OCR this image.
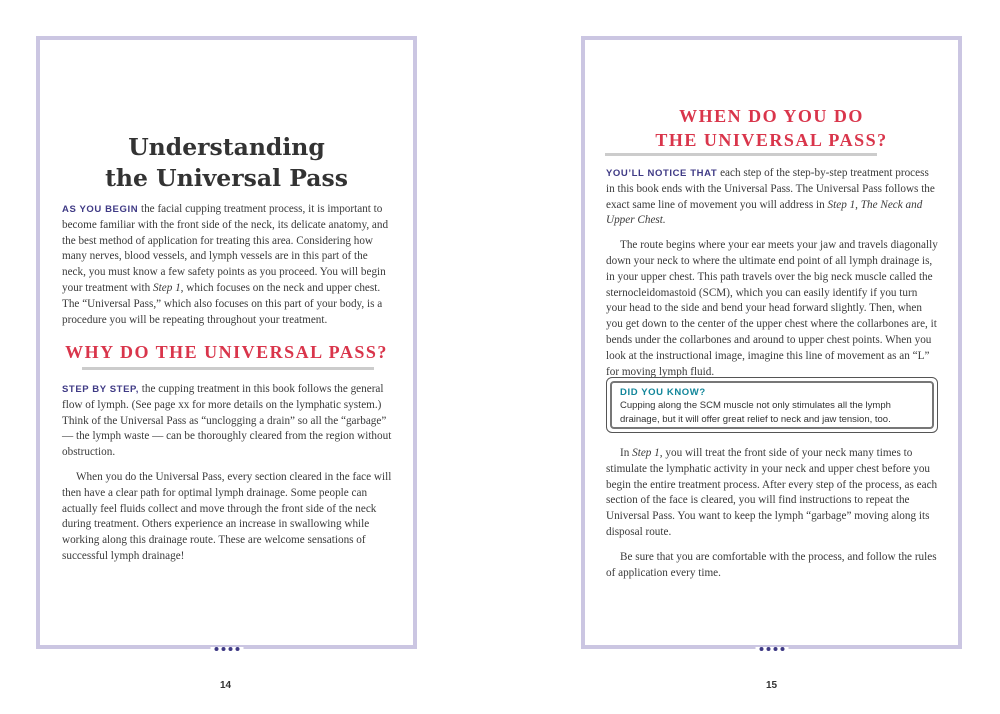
Understanding
the Universal Pass

AS YOU BEGIN the facial cupping treatment process, it is important to become familiar with the front side of the neck, its delicate anatomy, and the best method of application for treating this area. Considering how many nerves, blood vessels, and lymph vessels are in this part of the neck, you must know a few safety points as you proceed. You will begin your treatment with Step 1, which focuses on the neck and upper chest. The “Universal Pass,” which also focuses on this part of your body, is a procedure you will be repeating throughout your treatment.

WHY DO THE UNIVERSAL PASS?

STEP BY STEP, the cupping treatment in this book follows the general flow of lymph. (See page xx for more details on the lymphatic system.) Think of the Universal Pass as “unclogging a drain” so all the “garbage” — the lymph waste — can be thoroughly cleared from the region without obstruction.

When you do the Universal Pass, every section cleared in the face will then have a clear path for optimal lymph drainage. Some people can actually feel fluids collect and move through the front side of the neck during treatment. Others experience an increase in swallowing while working along this drainage route. These are welcome sensations of successful lymph drainage!

14
WHEN DO YOU DO
THE UNIVERSAL PASS?

YOU’LL NOTICE THAT each step of the step-by-step treatment process in this book ends with the Universal Pass. The Universal Pass follows the exact same line of movement you will address in Step 1, The Neck and Upper Chest.

The route begins where your ear meets your jaw and travels diagonally down your neck to where the ultimate end point of all lymph drainage is, in your upper chest. This path travels over the big neck muscle called the sternocleidomastoid (SCM), which you can easily identify if you turn your head to the side and bend your head forward slightly. Then, when you get down to the center of the upper chest where the collarbones are, it bends under the collarbones and around to upper chest points. When you look at the instructional image, imagine this line of movement as an “L” for moving lymph fluid.

DID YOU KNOW?
Cupping along the SCM muscle not only stimulates all the lymph drainage, but it will offer great relief to neck and jaw tension, too.

In Step 1, you will treat the front side of your neck many times to stimulate the lymphatic activity in your neck and upper chest before you begin the entire treatment process. After every step of the process, as each section of the face is cleared, you will find instructions to repeat the Universal Pass. You want to keep the lymph “garbage” moving along its disposal route.

Be sure that you are comfortable with the process, and follow the rules of application every time.

15
